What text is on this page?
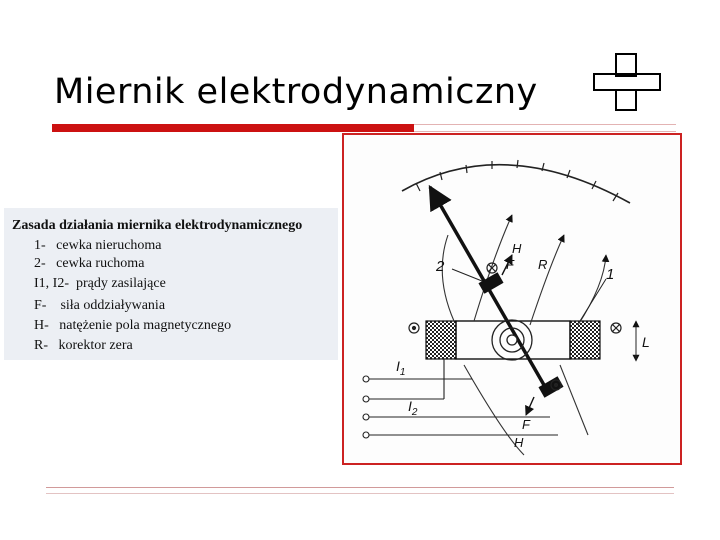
Miernik elektrodynamiczny
Zasada działania miernika elektrodynamicznego
1- cewka nieruchoma
2- cewka ruchoma
I1, I2- prądy zasilające
F- siła oddziaływania
H- natężenie pola magnetycznego
R- korektor zera
2	1
H
F R
L
$I_1$
$I_2$
F
H
